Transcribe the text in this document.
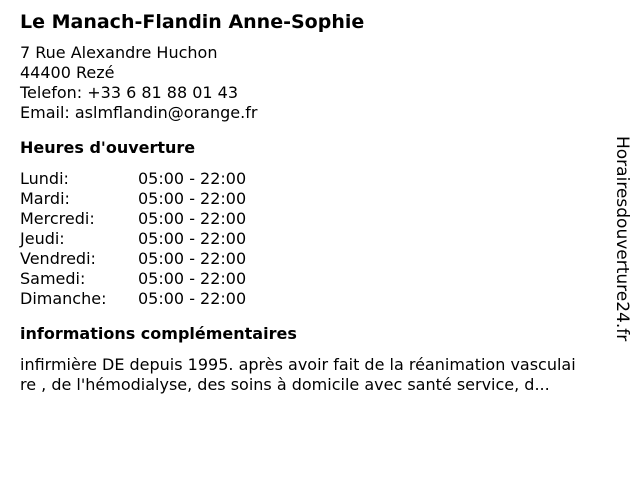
Le Manach-Flandin Anne-Sophie
7 Rue Alexandre Huchon
44400 Rezé
Telefon: +33 6 81 88 01 43
Email: aslmflandin@orange.fr
Heures d'ouverture
Lundi:	05:00 - 22:00
Mardi:	05:00 - 22:00
Mercredi:	05:00 - 22:00
Jeudi:	05:00 - 22:00
Vendredi:	05:00 - 22:00
Samedi:	05:00 - 22:00
Dimanche:	05:00 - 22:00
informations complémentaires
infirmière DE depuis 1995. après avoir fait de la réanimation vasculai
re , de l'hémodialyse, des soins à domicile avec santé service, d...
Horairesdouverture24.fr
